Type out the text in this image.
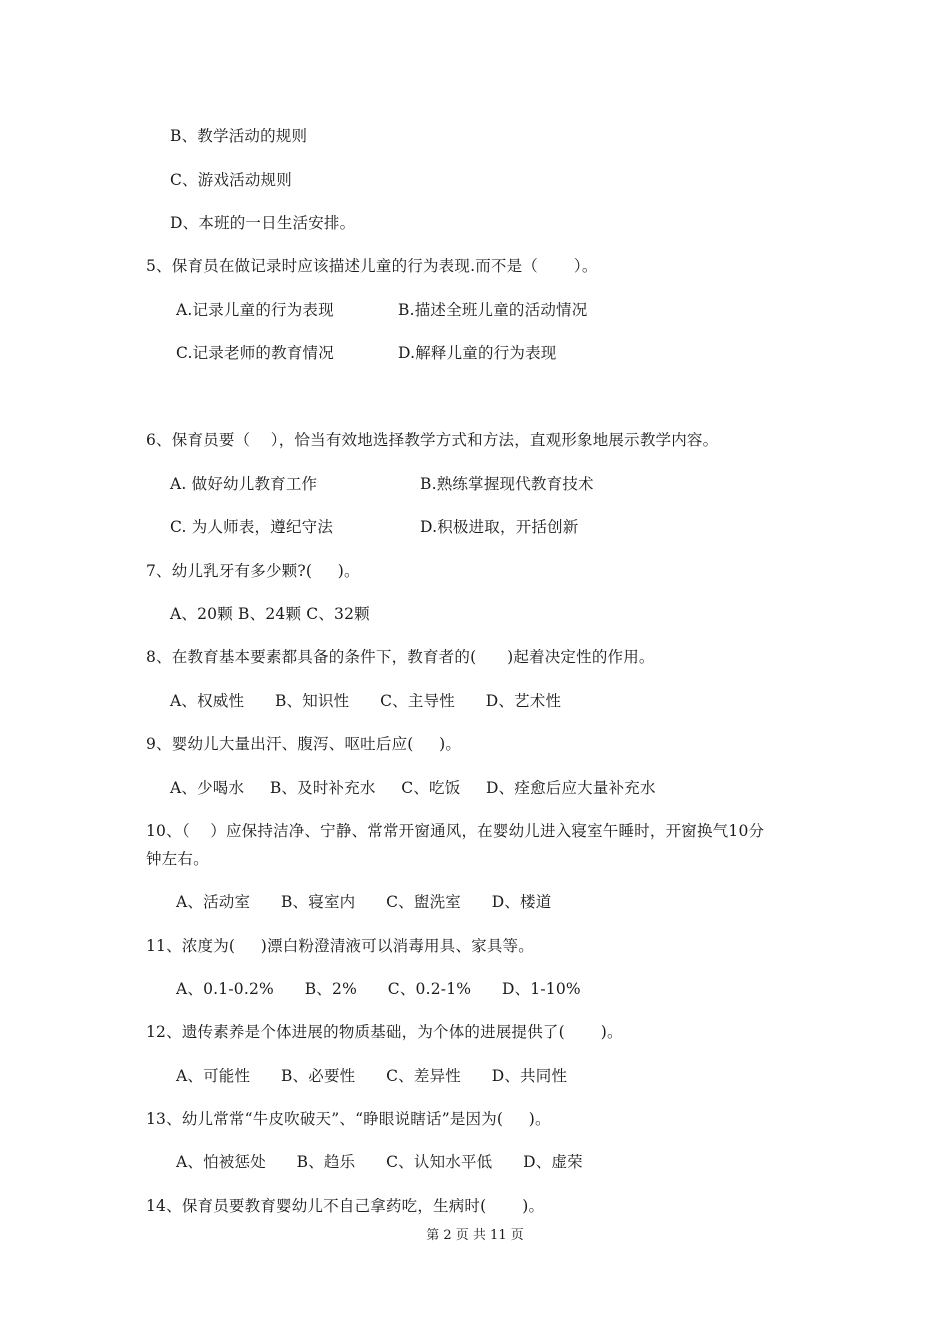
B、教学活动的规则
C、游戏活动规则
D、本班的一日生活安排。
5、保育员在做记录时应该描述儿童的行为表现.而不是（       ）。
A.记录儿童的行为表现	B.描述全班儿童的活动情况
C.记录老师的教育情况	D.解释儿童的行为表现
6、保育员要（    ），恰当有效地选择教学方式和方法，直观形象地展示教学内容。
A. 做好幼儿教育工作	B.熟练掌握现代教育技术
C. 为人师表，遵纪守法	D.积极进取，开括创新
7、幼儿乳牙有多少颗?(     )。
A、20颗 B、24颗 C、32颗
8、在教育基本要素都具备的条件下，教育者的(      )起着决定性的作用。
A、权威性      B、知识性      C、主导性      D、艺术性
9、婴幼儿大量出汗、腹泻、呕吐后应(     )。
A、少喝水     B、及时补充水     C、吃饭     D、痊愈后应大量补充水
10、（    ）应保持洁净、宁静、常常开窗通风，在婴幼儿进入寝室午睡时，开窗换气10分
钟左右。
A、活动室      B、寝室内      C、盥洗室      D、楼道
11、浓度为(     )漂白粉澄清液可以消毒用具、家具等。
A、0.1-0.2%      B、2%      C、0.2-1%      D、1-10%
12、遗传素养是个体进展的物质基础，为个体的进展提供了(       )。
A、可能性      B、必要性      C、差异性      D、共同性
13、幼儿常常“牛皮吹破天”、“睁眼说瞎话”是因为(     )。
A、怕被惩处      B、趋乐      C、认知水平低      D、虚荣
14、保育员要教育婴幼儿不自己拿药吃，生病时(       )。
第 2 页 共 11 页
